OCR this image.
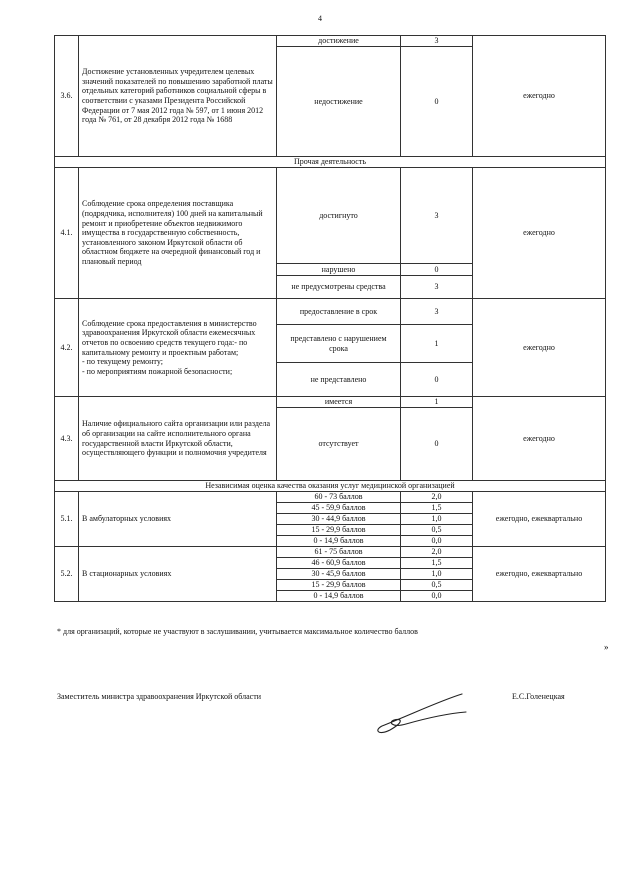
4
3.6.	Достижение установленных учредителем целевых значений показателей по повышению заработной платы отдельных категорий работников социальной сферы в соответствии с указами Президента Российской Федерации от 7 мая 2012 года № 597, от 1 июня 2012 года № 761, от 28 декабря 2012 года № 1688	достижение	3	ежегодно
		недостижение	0	
Прочая деятельность				
4.1.	Соблюдение срока определения поставщика (подрядчика, исполнителя) 100 дней на капитальный ремонт и приобретение объектов недвижимого имущества в государственную собственность, установленного законом Иркутской области об областном бюджете на очередной финансовый год и плановый период	достигнуто	3	ежегодно
		нарушено	0	
		не предусмотрены средства	3	
4.2.	Соблюдение срока предоставления в министерство здравоохранения Иркутской области ежемесячных отчетов по освоению средств текущего года:- по капитальному ремонту и проектным работам;
- по текущему ремонту;
- по мероприятиям пожарной безопасности;	предоставление в срок	3	ежегодно
		представлено с нарушением срока	1	
		не представлено	0	
4.3.	Наличие официального сайта организации или раздела об организации на сайте исполнительного органа государственной власти Иркутской области, осуществляющего функции и полномочия учредителя	имеется	1	ежегодно
		отсутствует	0	
Независимая оценка качества оказания услуг медицинской организацией				
5.1.	В амбулаторных условиях	60 - 73 баллов	2,0	ежегодно, ежеквартально
		45 - 59,9 баллов	1,5	
		30 - 44,9 баллов	1,0	
		15 - 29,9 баллов	0,5	
		0 - 14,9 баллов	0,0	
5.2.	В стационарных условиях	61 - 75 баллов	2,0	ежегодно, ежеквартально
		46 - 60,9 баллов	1,5	
		30 - 45,9 баллов	1,0	
		15 - 29,9 баллов	0,5	
		0 - 14,9 баллов	0,0	
* для организаций, которые не участвуют в заслушивании, учитывается максимальное количество баллов
»
Заместитель министра здравоохранения Иркутской области	Е.С.Голенецкая
